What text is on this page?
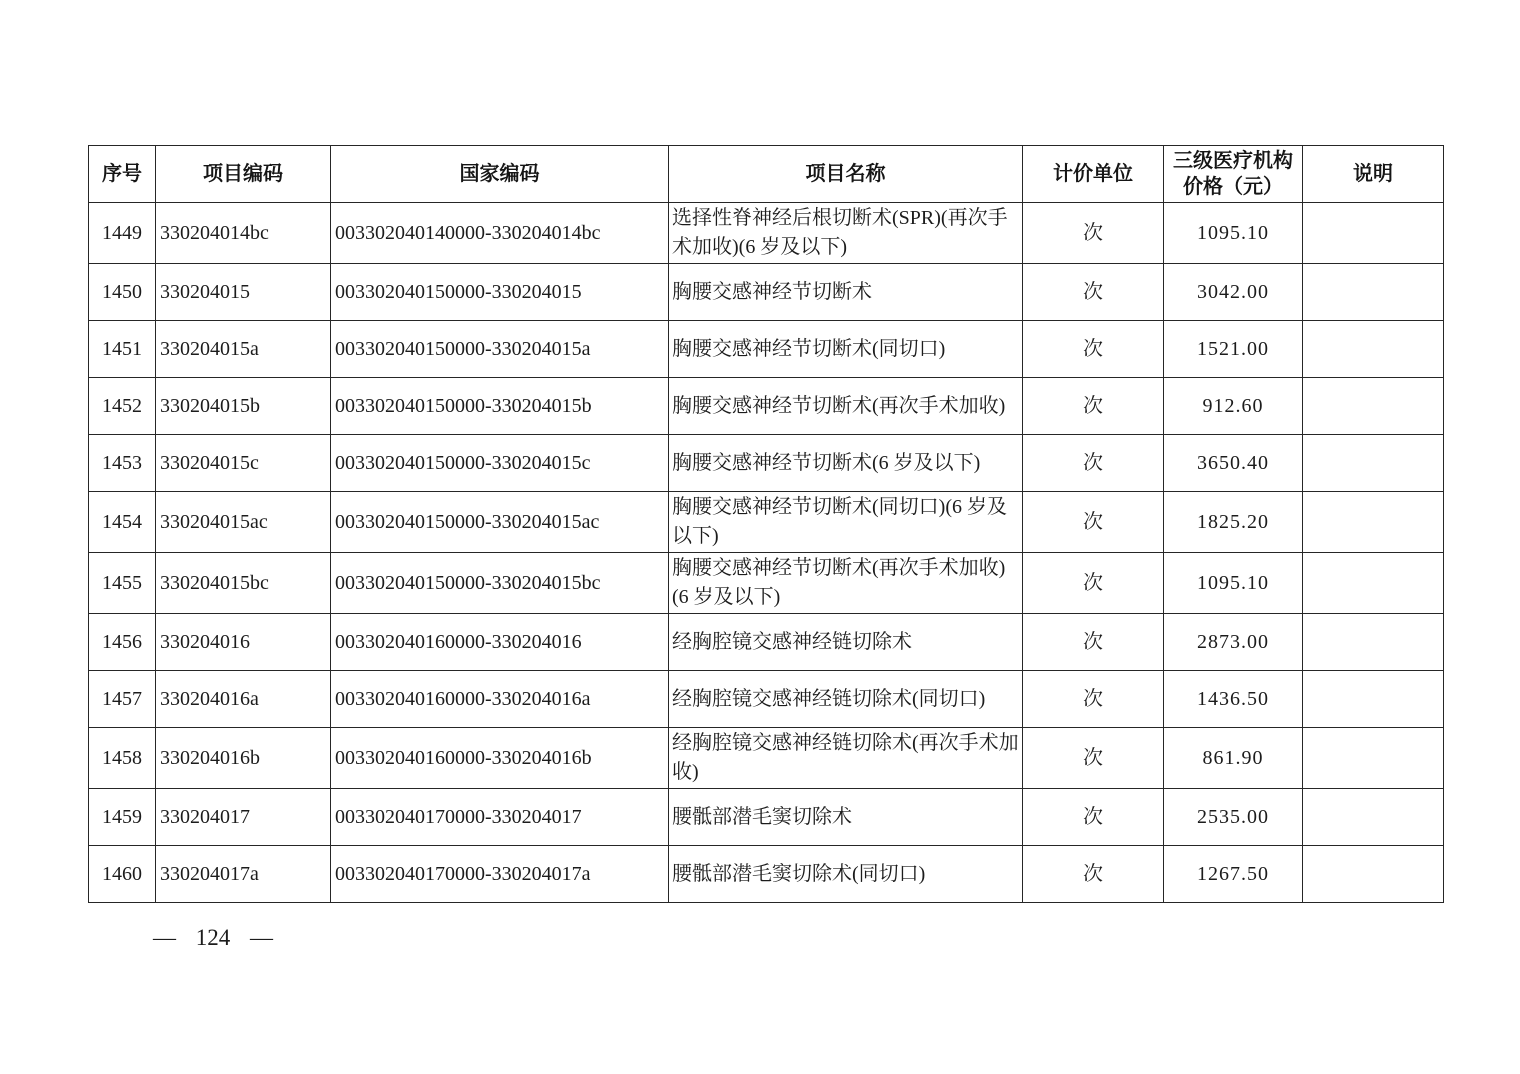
序号	项目编码	国家编码	项目名称	计价单位	三级医疗机构价格（元）	说明
1449	330204014bc	003302040140000-330204014bc	选择性脊神经后根切断术(SPR)(再次手术加收)(6 岁及以下)	次	1095.10	
1450	330204015	003302040150000-330204015	胸腰交感神经节切断术	次	3042.00	
1451	330204015a	003302040150000-330204015a	胸腰交感神经节切断术(同切口)	次	1521.00	
1452	330204015b	003302040150000-330204015b	胸腰交感神经节切断术(再次手术加收)	次	912.60	
1453	330204015c	003302040150000-330204015c	胸腰交感神经节切断术(6 岁及以下)	次	3650.40	
1454	330204015ac	003302040150000-330204015ac	胸腰交感神经节切断术(同切口)(6 岁及以下)	次	1825.20	
1455	330204015bc	003302040150000-330204015bc	胸腰交感神经节切断术(再次手术加收)(6 岁及以下)	次	1095.10	
1456	330204016	003302040160000-330204016	经胸腔镜交感神经链切除术	次	2873.00	
1457	330204016a	003302040160000-330204016a	经胸腔镜交感神经链切除术(同切口)	次	1436.50	
1458	330204016b	003302040160000-330204016b	经胸腔镜交感神经链切除术(再次手术加收)	次	861.90	
1459	330204017	003302040170000-330204017	腰骶部潜毛窦切除术	次	2535.00	
1460	330204017a	003302040170000-330204017a	腰骶部潜毛窦切除术(同切口)	次	1267.50	
— 124 —
